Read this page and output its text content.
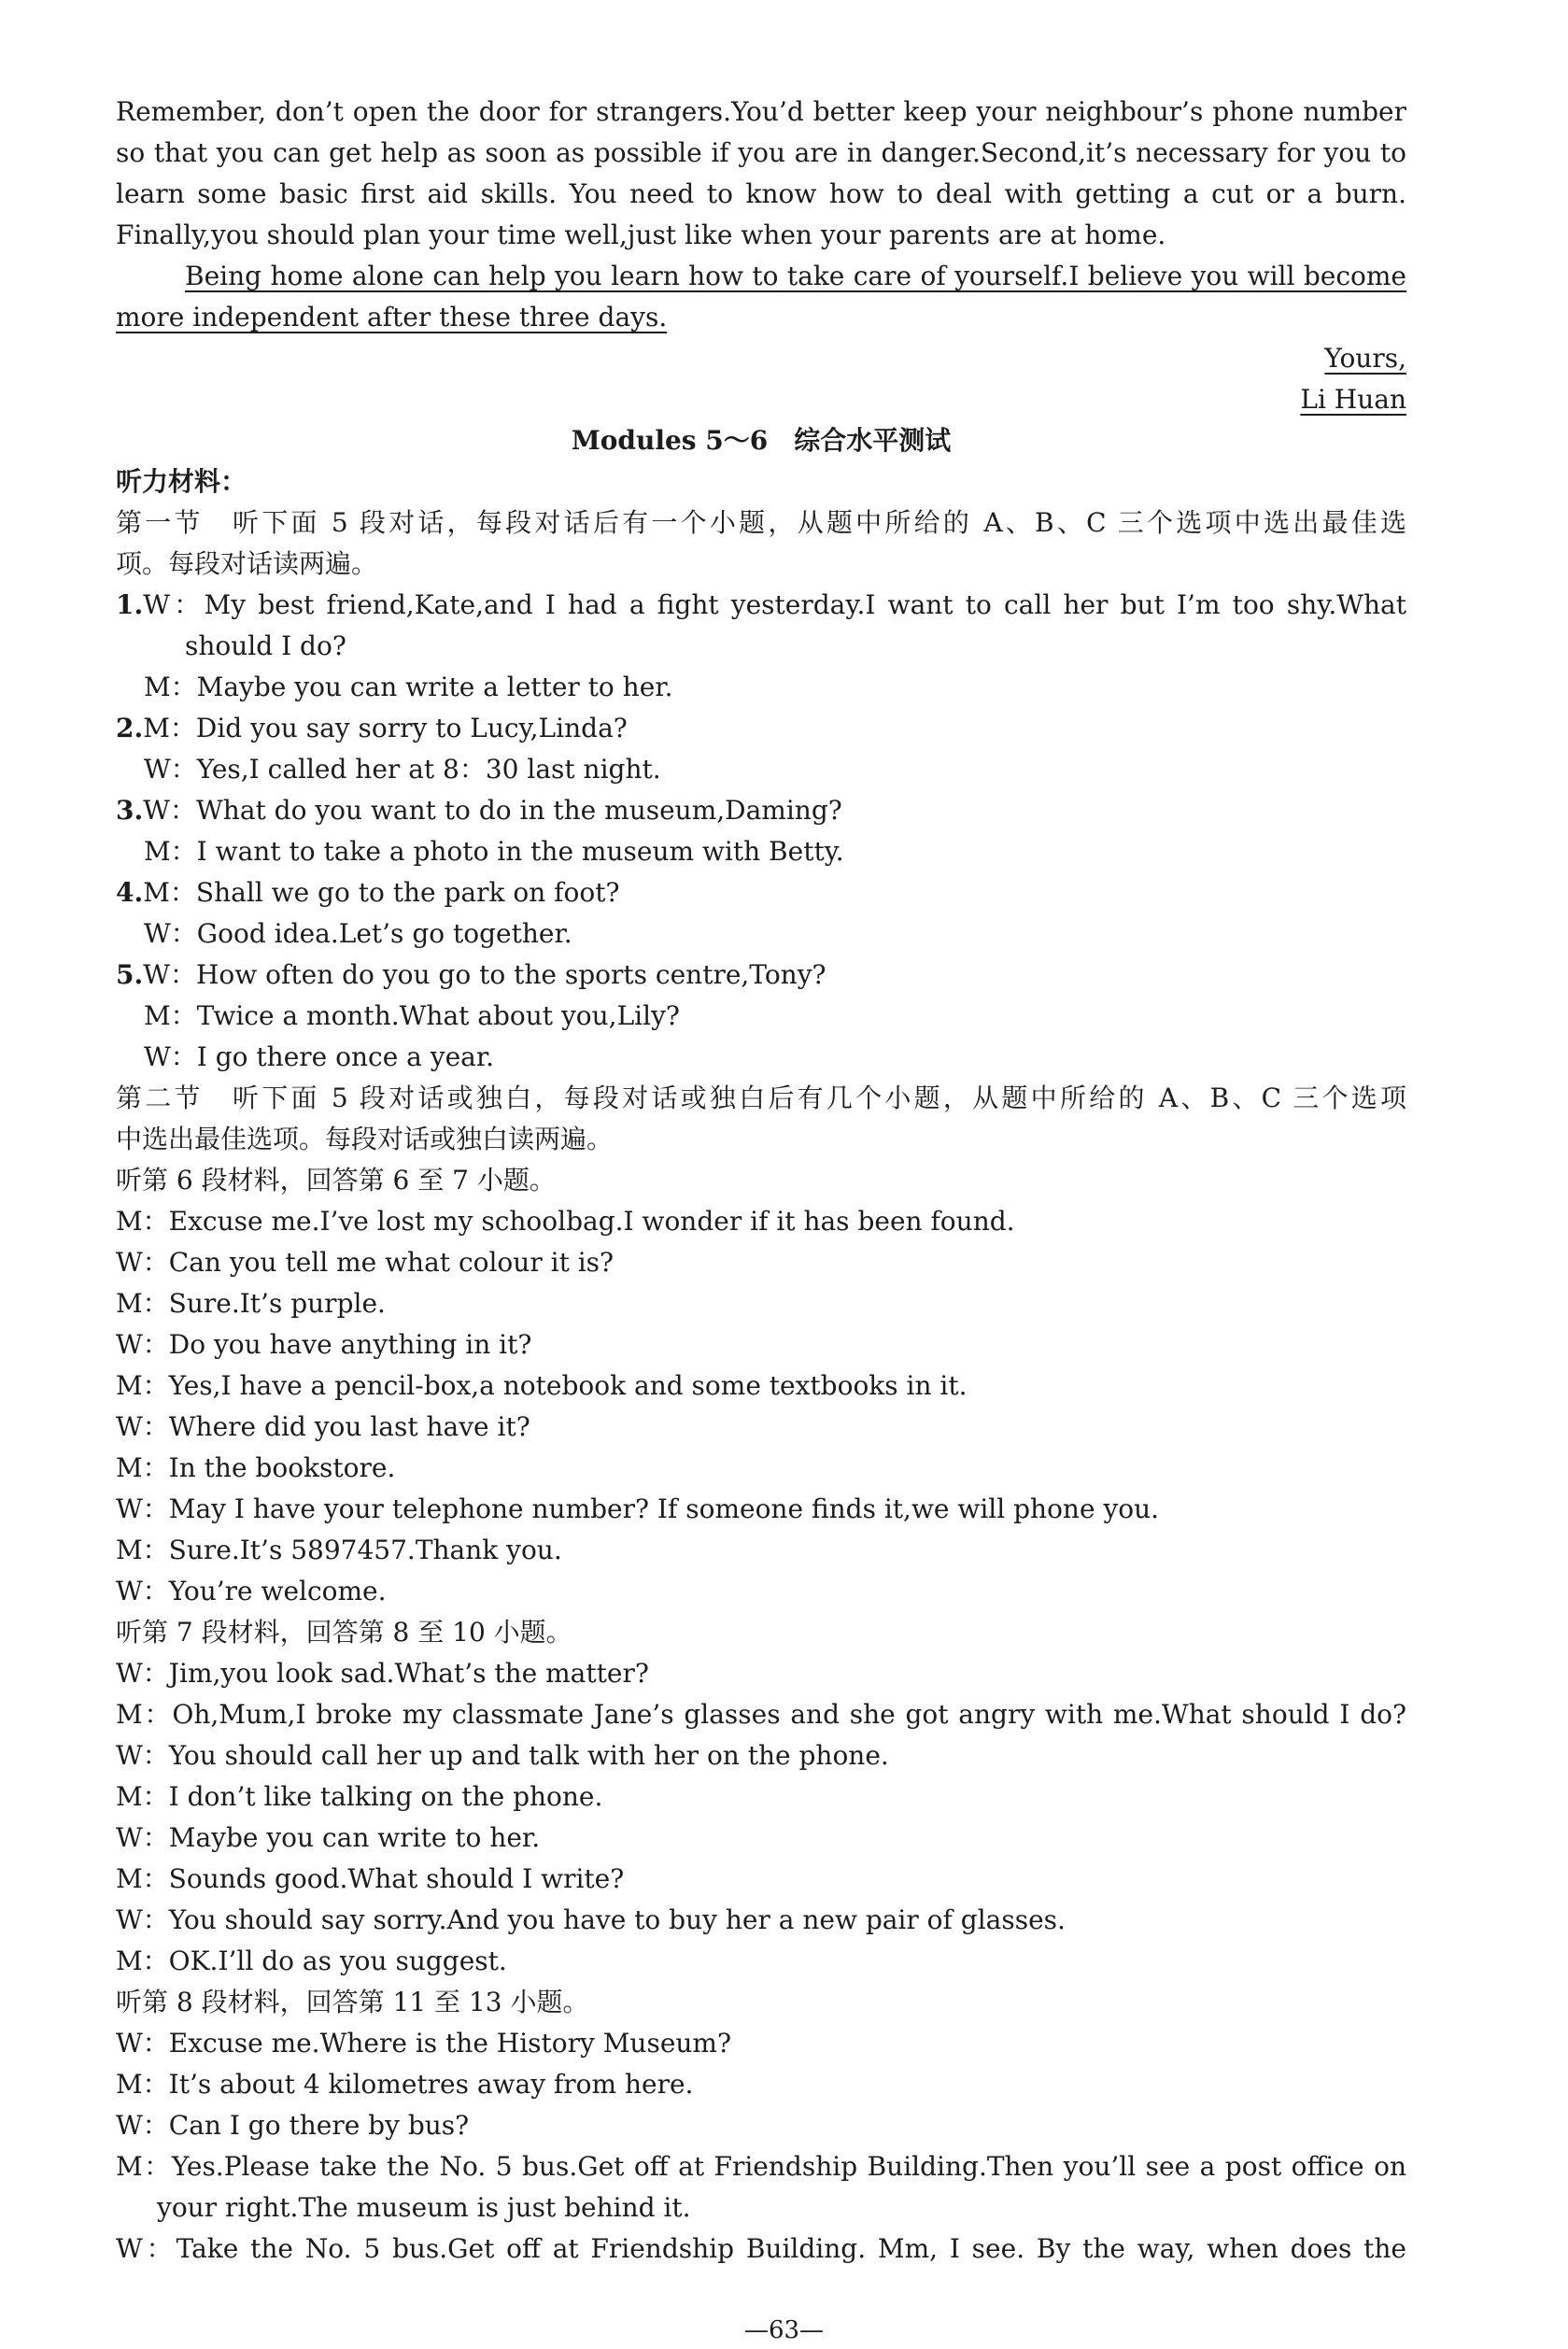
Remember, don’t open the door for strangers.You’d better keep your neighbour’s phone number
so that you can get help as soon as possible if you are in danger.Second,it’s necessary for you to
learn some basic first aid skills. You need to know how to deal with getting a cut or a burn.
Finally,you should plan your time well,just like when your parents are at home.
Being home alone can help you learn how to take care of yourself.I believe you will become
more independent after these three days.
Yours,
Li Huan
Modules 5～6　综合水平测试
听力材料：
第一节　听下面 5 段对话，每段对话后有一个小题，从题中所给的 A、B、C 三个选项中选出最佳选
项。每段对话读两遍。
1.W：My best friend,Kate,and I had a fight yesterday.I want to call her but I’m too shy.What
should I do?
M：Maybe you can write a letter to her.
2.M：Did you say sorry to Lucy,Linda?
W：Yes,I called her at 8：30 last night.
3.W：What do you want to do in the museum,Daming?
M：I want to take a photo in the museum with Betty.
4.M：Shall we go to the park on foot?
W：Good idea.Let’s go together.
5.W：How often do you go to the sports centre,Tony?
M：Twice a month.What about you,Lily?
W：I go there once a year.
第二节　听下面 5 段对话或独白，每段对话或独白后有几个小题，从题中所给的 A、B、C 三个选项
中选出最佳选项。每段对话或独白读两遍。
听第 6 段材料，回答第 6 至 7 小题。
M：Excuse me.I’ve lost my schoolbag.I wonder if it has been found.
W：Can you tell me what colour it is?
M：Sure.It’s purple.
W：Do you have anything in it?
M：Yes,I have a pencil-box,a notebook and some textbooks in it.
W：Where did you last have it?
M：In the bookstore.
W：May I have your telephone number? If someone finds it,we will phone you.
M：Sure.It’s 5897457.Thank you.
W：You’re welcome.
听第 7 段材料，回答第 8 至 10 小题。
W：Jim,you look sad.What’s the matter?
M：Oh,Mum,I broke my classmate Jane’s glasses and she got angry with me.What should I do?
W：You should call her up and talk with her on the phone.
M：I don’t like talking on the phone.
W：Maybe you can write to her.
M：Sounds good.What should I write?
W：You should say sorry.And you have to buy her a new pair of glasses.
M：OK.I’ll do as you suggest.
听第 8 段材料，回答第 11 至 13 小题。
W：Excuse me.Where is the History Museum?
M：It’s about 4 kilometres away from here.
W：Can I go there by bus?
M：Yes.Please take the No. 5 bus.Get off at Friendship Building.Then you’ll see a post office on
your right.The museum is just behind it.
W：Take the No. 5 bus.Get off at Friendship Building. Mm, I see. By the way, when does the
—63—
